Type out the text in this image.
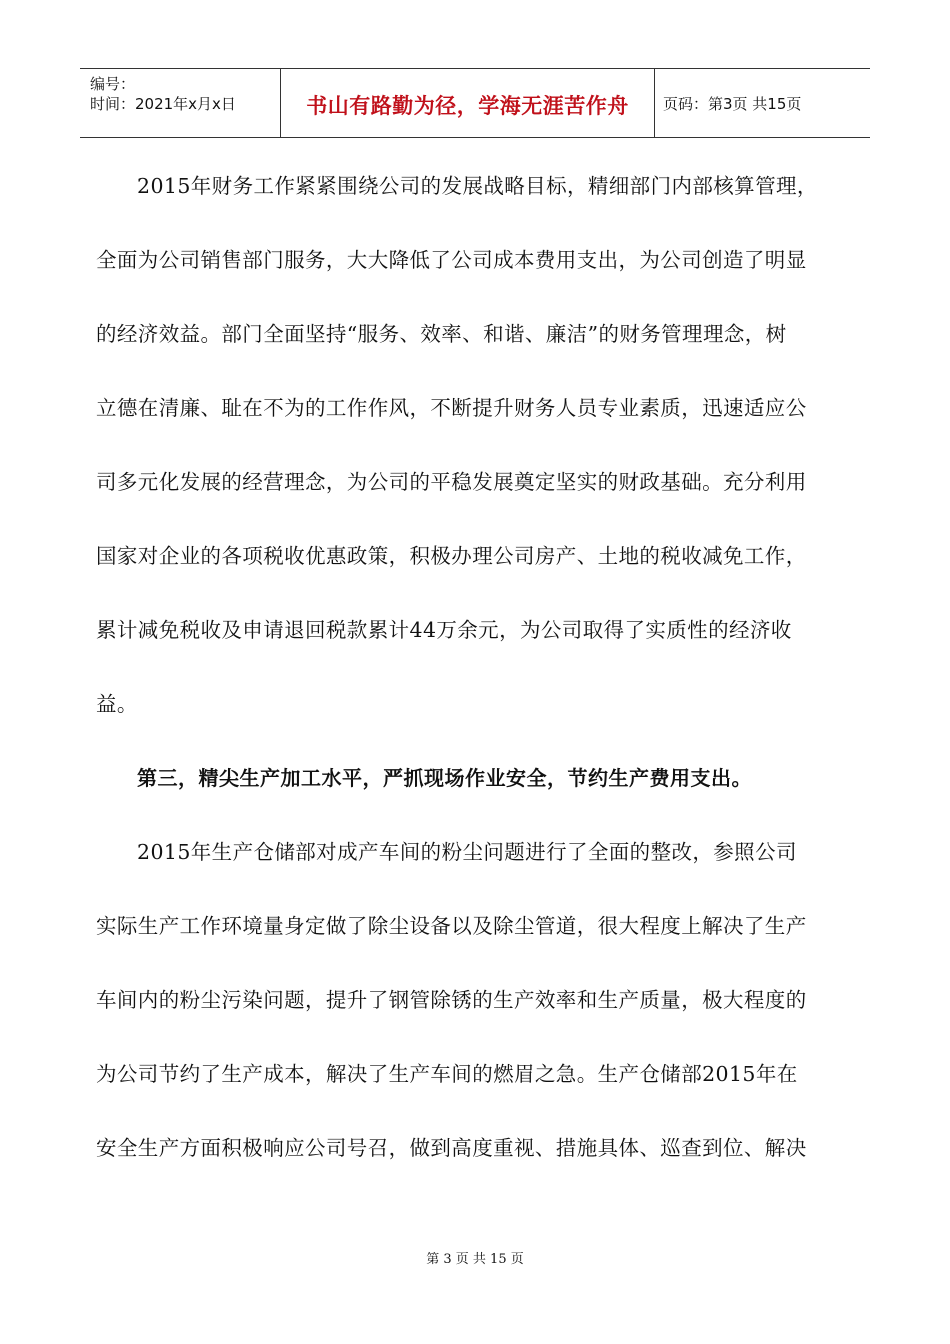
编号：
时间：2021年x月x日	书山有路勤为径，学海无涯苦作舟 页码：第3页 共15页

2015年财务工作紧紧围绕公司的发展战略目标，精细部门内部核算管理，

全面为公司销售部门服务，大大降低了公司成本费用支出，为公司创造了明显

的经济效益。部门全面坚持“服务、效率、和谐、廉洁”的财务管理理念，树

立德在清廉、耻在不为的工作作风，不断提升财务人员专业素质，迅速适应公

司多元化发展的经营理念，为公司的平稳发展奠定坚实的财政基础。充分利用

国家对企业的各项税收优惠政策，积极办理公司房产、土地的税收减免工作，

累计减免税收及申请退回税款累计44万余元，为公司取得了实质性的经济收

益。

第三，精尖生产加工水平，严抓现场作业安全，节约生产费用支出。

2015年生产仓储部对成产车间的粉尘问题进行了全面的整改，参照公司

实际生产工作环境量身定做了除尘设备以及除尘管道，很大程度上解决了生产

车间内的粉尘污染问题，提升了钢管除锈的生产效率和生产质量，极大程度的

为公司节约了生产成本，解决了生产车间的燃眉之急。生产仓储部2015年在

安全生产方面积极响应公司号召，做到高度重视、措施具体、巡查到位、解决

第 3 页 共 15 页
